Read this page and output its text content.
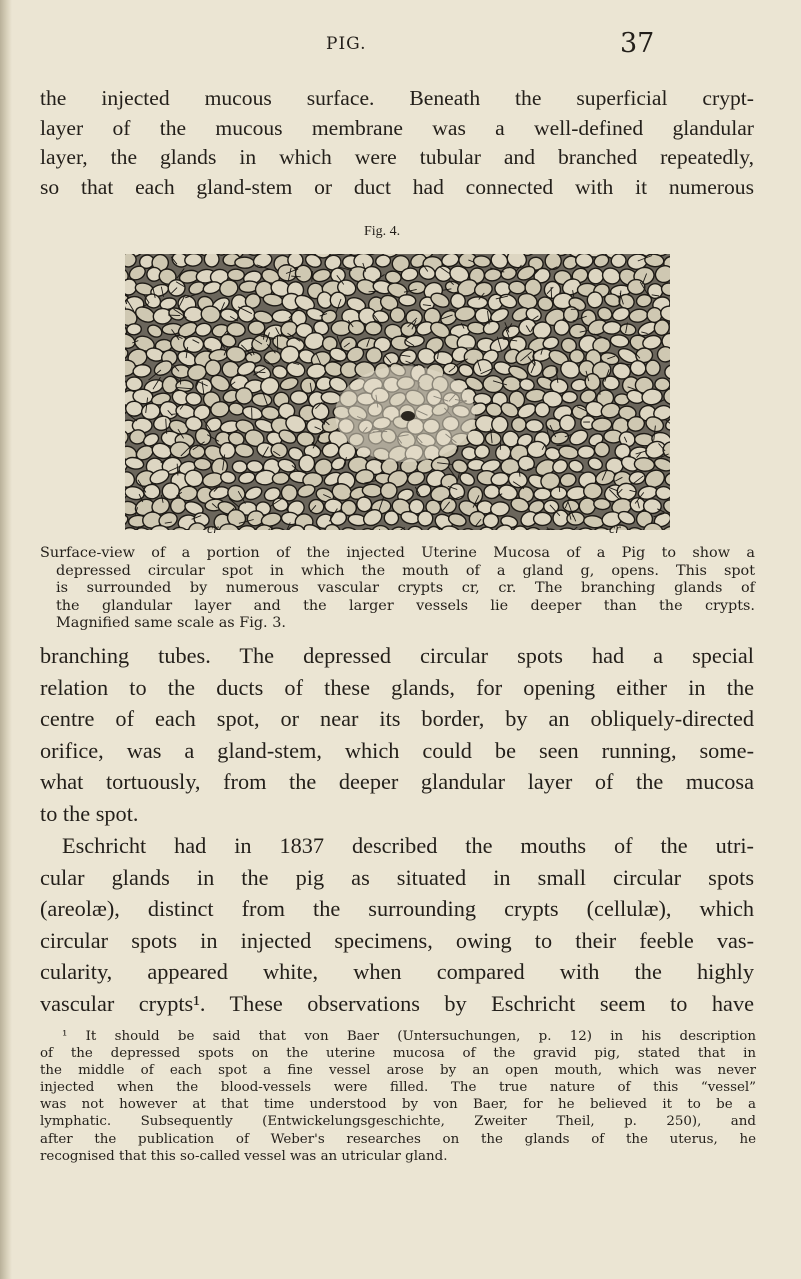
PIG.	37

the injected mucous surface. Beneath the superficial crypt-
layer of the mucous membrane was a well-defined glandular
layer, the glands in which were tubular and branched repeatedly,
so that each gland-stem or duct had connected with it numerous

Fig. 4.
cr	cr

Surface-view of a portion of the injected Uterine Mucosa of a Pig to show a
depressed circular spot in which the mouth of a gland g, opens. This spot
is surrounded by numerous vascular crypts cr, cr. The branching glands of
the glandular layer and the larger vessels lie deeper than the crypts.
Magnified same scale as Fig. 3.

branching tubes. The depressed circular spots had a special
relation to the ducts of these glands, for opening either in the
centre of each spot, or near its border, by an obliquely-directed
orifice, was a gland-stem, which could be seen running, some-
what tortuously, from the deeper glandular layer of the mucosa
to the spot.

Eschricht had in 1837 described the mouths of the utri-
cular glands in the pig as situated in small circular spots
(areolæ), distinct from the surrounding crypts (cellulæ), which
circular spots in injected specimens, owing to their feeble vas-
cularity, appeared white, when compared with the highly
vascular crypts¹. These observations by Eschricht seem to have

¹ It should be said that von Baer (Untersuchungen, p. 12) in his description
of the depressed spots on the uterine mucosa of the gravid pig, stated that in
the middle of each spot a fine vessel arose by an open mouth, which was never
injected when the blood-vessels were filled. The true nature of this “vessel”
was not however at that time understood by von Baer, for he believed it to be a
lymphatic. Subsequently (Entwickelungsgeschichte, Zweiter Theil, p. 250), and
after the publication of Weber's researches on the glands of the uterus, he
recognised that this so-called vessel was an utricular gland.
